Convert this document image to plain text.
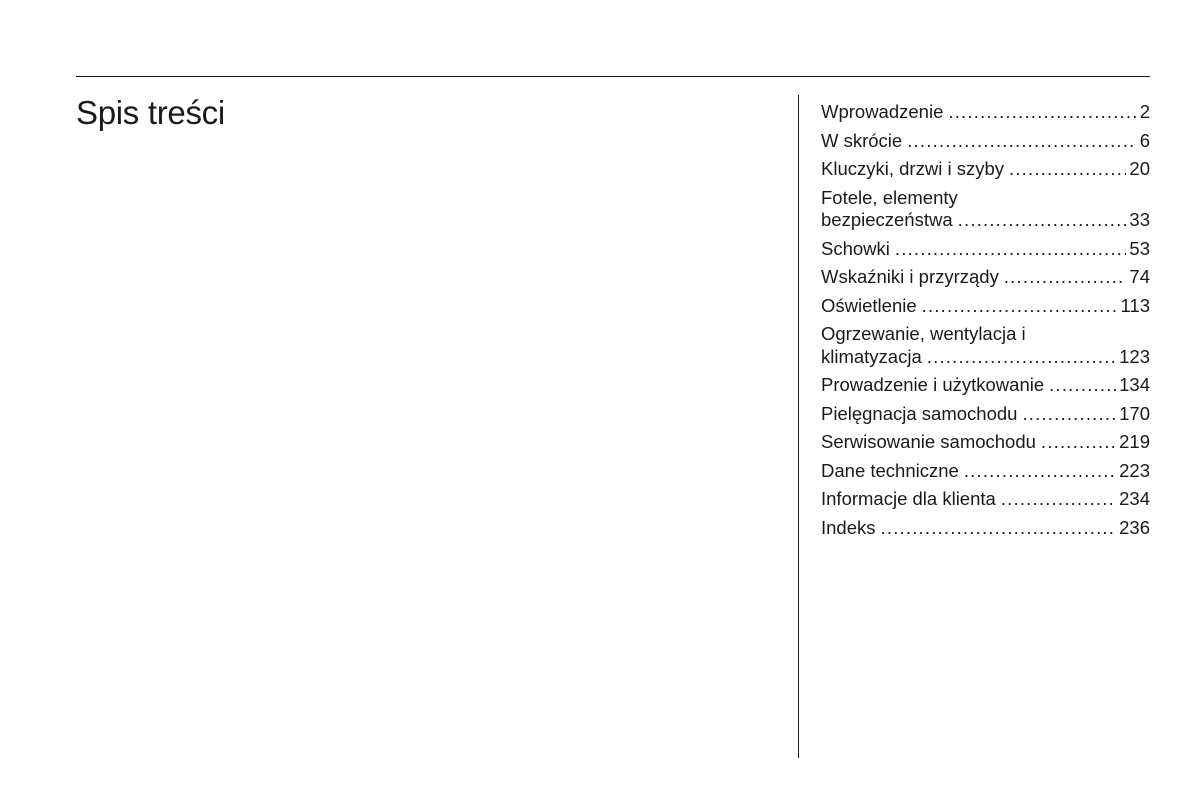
Spis treści	Wprowadzenie .....	2
W skrócie .....	6
Kluczyki, drzwi i szyby .....	20
Fotele, elementy
bezpieczeństwa .....	33
Schowki .....	53
Wskaźniki i przyrządy .....	74
Oświetlenie .....	113
Ogrzewanie, wentylacja i
klimatyzacja .....	123
Prowadzenie i użytkowanie .....	134
Pielęgnacja samochodu .....	170
Serwisowanie samochodu .....	219
Dane techniczne .....	223
Informacje dla klienta .....	234
Indeks .....	236
